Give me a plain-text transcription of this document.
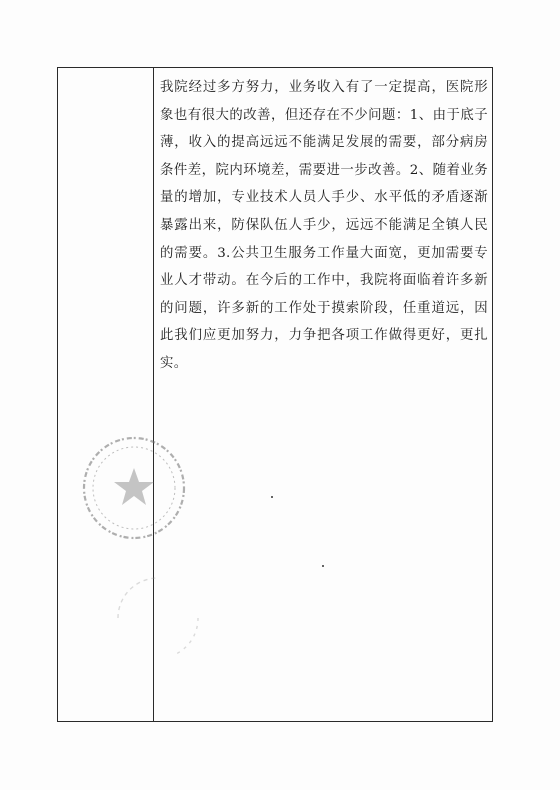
我院经过多方努力，业务收入有了一定提高，医院形象也有很大的改善，但还存在不少问题：1、由于底子薄，收入的提高远远不能满足发展的需要，部分病房条件差，院内环境差，需要进一步改善。2、随着业务量的增加，专业技术人员人手少、水平低的矛盾逐渐暴露出来，防保队伍人手少，远远不能满足全镇人民的需要。3.公共卫生服务工作量大面宽，更加需要专业人才带动。在今后的工作中，我院将面临着许多新的问题，许多新的工作处于摸索阶段，任重道远，因此我们应更加努力，力争把各项工作做得更好，更扎实。
